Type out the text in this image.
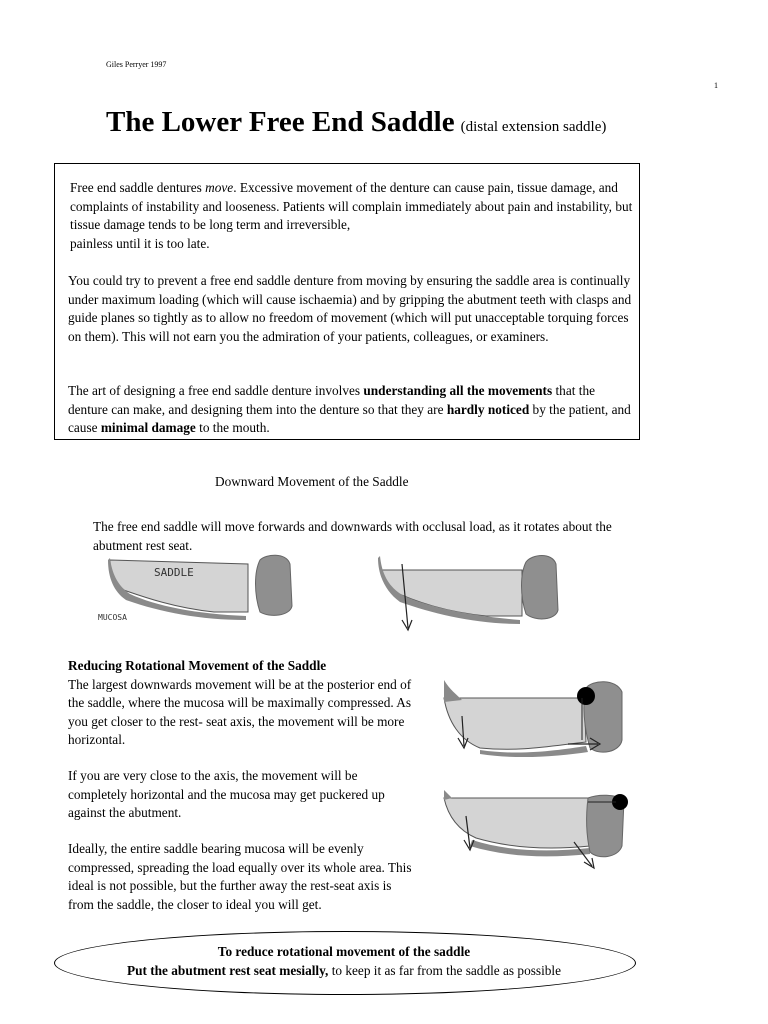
Giles Perryer 1997
1
The Lower Free End Saddle (distal extension saddle)
Free end saddle dentures move. Excessive movement of the denture can cause pain, tissue damage, and complaints of instability and looseness. Patients will complain immediately about pain and instability, but tissue damage tends to be long term and irreversible,
painless until it is too late.
You could try to prevent a free end saddle denture from moving by ensuring the saddle area is continually under maximum loading (which will cause ischaemia) and by gripping the abutment teeth with clasps and guide planes so tightly as to allow no freedom of movement (which will put unacceptable torquing forces on them). This will not earn you the admiration of your patients, colleagues, or examiners.
The art of designing a free end saddle denture involves understanding all the movements that the denture can make, and designing them into the denture so that they are hardly noticed by the patient, and cause minimal damage to the mouth.
Downward Movement of the Saddle
The free end saddle will move forwards and downwards with occlusal load, as it rotates about the abutment rest seat.
SADDLE
MUCOSA
Reducing Rotational Movement of the Saddle
The largest downwards movement will be at the posterior end of the saddle, where the mucosa will be maximally compressed. As you get closer to the rest- seat axis, the movement will be more horizontal.
If you are very close to the axis, the movement will be completely horizontal and the mucosa may get puckered up against the abutment.
Ideally, the entire saddle bearing mucosa will be evenly compressed, spreading the load equally over its whole area. This ideal is not possible, but the further away the rest-seat axis is from the saddle, the closer to ideal you will get.
To reduce rotational movement of the saddle
Put the abutment rest seat mesially, to keep it as far from the saddle as possible
